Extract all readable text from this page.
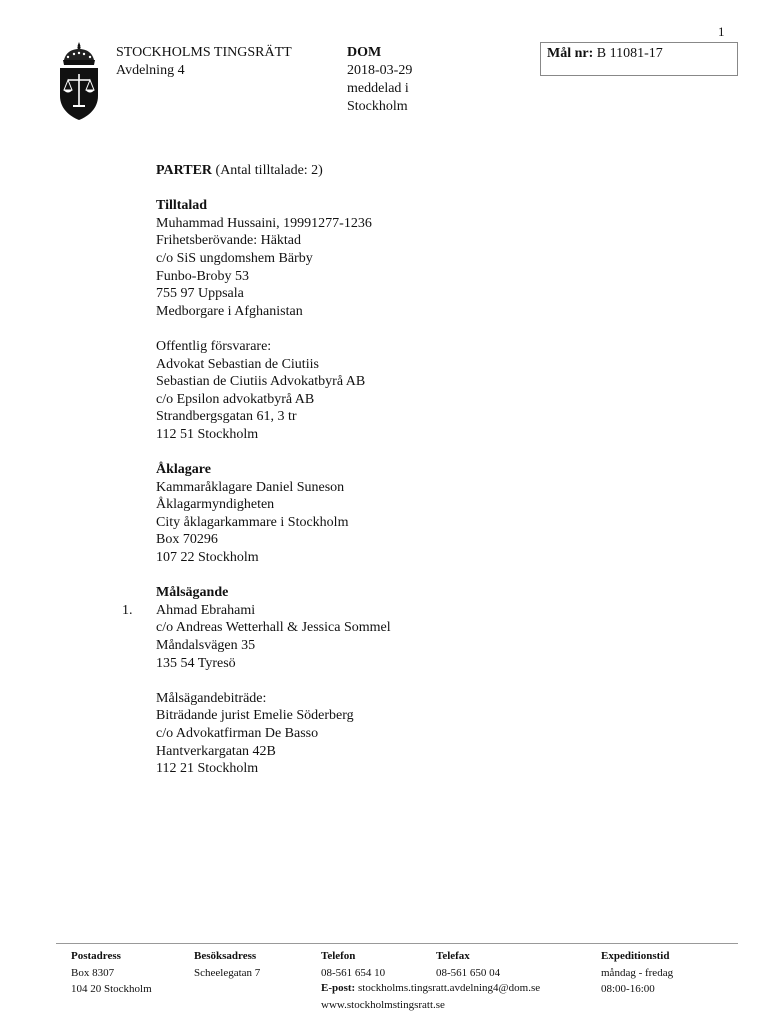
1
STOCKHOLMS TINGSRÄTT
Avdelning 4
DOM
2018-03-29
meddelad i
Stockholm
Mål nr: B 11081-17
PARTER (Antal tilltalade: 2)
Tilltalad
Muhammad Hussaini, 19991277-1236
Frihetsberövande: Häktad
c/o SiS ungdomshem Bärby
Funbo-Broby 53
755 97 Uppsala
Medborgare i Afghanistan
Offentlig försvarare:
Advokat Sebastian de Ciutiis
Sebastian de Ciutiis Advokatbyrå AB
c/o Epsilon advokatbyrå AB
Strandbergsgatan 61, 3 tr
112 51 Stockholm
Åklagare
Kammaråklagare Daniel Suneson
Åklagarmyndigheten
City åklagarkammare i Stockholm
Box 70296
107 22 Stockholm
Målsägande
Ahmad Ebrahami
c/o Andreas Wetterhall & Jessica Sommel
Måndalsvägen 35
135 54 Tyresö
Målsägandebiträde:
Biträdande jurist Emelie Söderberg
c/o Advokatfirman De Basso
Hantverkargatan 42B
112 21 Stockholm
1.
Postadress
Box 8307
104 20 Stockholm
Besöksadress
Scheelegatan 7
Telefon
08-561 654 10
Telefax
08-561 650 04
E-post: stockholms.tingsratt.avdelning4@dom.se
www.stockholmstingsratt.se
Expeditionstid
måndag - fredag
08:00-16:00
